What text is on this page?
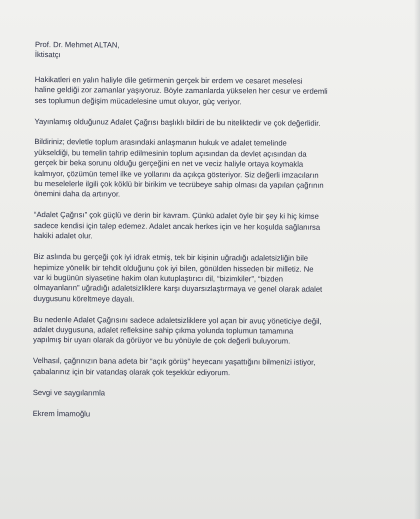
Prof. Dr. Mehmet ALTAN,
İktisatçı
Hakikatleri en yalın haliyle dile getirmenin gerçek bir erdem ve cesaret meselesi
haline geldiği zor zamanlar yaşıyoruz. Böyle zamanlarda yükselen her cesur ve erdemli
ses toplumun değişim mücadelesine umut oluyor, güç veriyor.
Yayınlamış olduğunuz Adalet Çağrısı başlıklı bildiri de bu niteliktedir ve çok değerlidir.
Bildiriniz; devletle toplum arasındaki anlaşmanın hukuk ve adalet temelinde
yükseldiği, bu temelin tahrip edilmesinin toplum açısından da devlet açısından da
gerçek bir beka sorunu olduğu gerçeğini en net ve veciz haliyle ortaya koymakla
kalmıyor, çözümün temel ilke ve yollarını da açıkça gösteriyor. Siz değerli imzacıların
bu meselelerle ilgili çok köklü bir birikim ve tecrübeye sahip olması da yapılan çağrının
önemini daha da artırıyor.
“Adalet Çağrısı” çok güçlü ve derin bir kavram. Çünkü adalet öyle bir şey ki hiç kimse
sadece kendisi için talep edemez. Adalet ancak herkes için ve her koşulda sağlanırsa
hakiki adalet olur.
Biz aslında bu gerçeği çok iyi idrak etmiş, tek bir kişinin uğradığı adaletsizliğin bile
hepimize yönelik bir tehdit olduğunu çok iyi bilen, gönülden hisseden bir milletiz. Ne
var ki bugünün siyasetine hakim olan kutuplaştırıcı dil, “bizimkiler”, “bizden
olmayanların” uğradığı adaletsizliklere karşı duyarsızlaştırmaya ve genel olarak adalet
duygusunu köreltmeye dayalı.
Bu nedenle Adalet Çağrısını sadece adaletsizliklere yol açan bir avuç yöneticiye değil,
adalet duygusuna, adalet refleksine sahip çıkma yolunda toplumun tamamına
yapılmış bir uyarı olarak da görüyor ve bu yönüyle de çok değerli buluyorum.
Velhasıl, çağrınızın bana adeta bir “açık görüş” heyecanı yaşattığını bilmenizi istiyor,
çabalarınız için bir vatandaş olarak çok teşekkür ediyorum.
Sevgi ve saygılarımla
Ekrem İmamoğlu
